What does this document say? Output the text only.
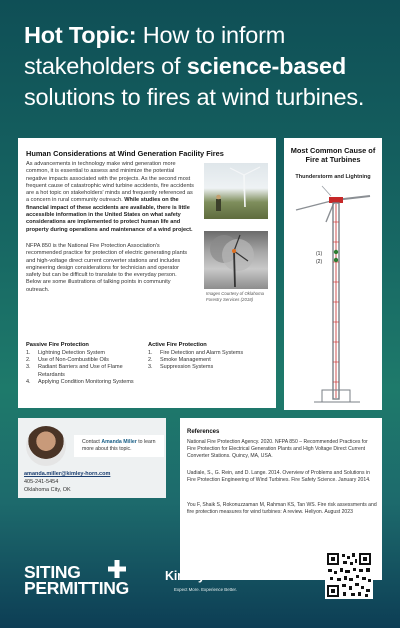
Hot Topic: How to inform stakeholders of science-based solutions to fires at wind turbines.
Human Considerations at Wind Generation Facility Fires
As advancements in technology make wind generation more common, it is essential to assess and minimize the potential negative impacts associated with the projects. As the second most frequent cause of catastrophic wind turbine accidents, fire accidents are a hot topic on stakeholders' minds and frequently referenced as a concern in rural community outreach. While studies on the financial impact of these accidents are available, there is little accessible information in the United States on what safety considerations are implemented to protect human life and property during operations and maintenance of a wind project.
NFPA 850 is the National Fire Protection Association's recommended practice for protection of electric generating plants and high-voltage direct current converter stations and includes engineering design considerations for technician and operator safety but can be difficult to translate to the everyday person. Below are some illustrations of talking points in community outreach.
Images Courtesy of Oklahoma Forestry Services (2018)
Passive Fire Protection
1.	Lightning Detection System
2.	Use of Non-Combustible Oils
3.	Radiant Barriers and Use of Flame Retardants
4.	Applying Condition Monitoring Systems
Active Fire Protection
1.	Fire Detection and Alarm Systems
2.	Smoke Management
3.	Suppression Systems
Most Common Cause of Fire at Turbines
Thunderstorm and Lightning
(1)
(2)
Contact Amanda Miller to learn more about this topic.
amanda.miller@kimley-horn.com
405-241-5454
Oklahoma City, OK
References
National Fire Protection Agency. 2020. NFPA 850 – Recommended Practices for Fire Protection for Electrical Generation Plants and High Voltage Direct Current Converter Stations. Quincy, MA, USA.
Uadiale, S., G. Rein, and D. Lange. 2014. Overview of Problems and Solutions in Fire Protection Engineering of Wind Turbines. Fire Safety Science. January 2014.
You F, Shaik S, Rokonuzzaman M, Rahman KS, Tan WS. Fire risk assessments and fire protection measures for wind turbines: A review. Heliyon. August 2023
SITING
PERMITTING
Kimley»Horn
Expect More. Experience Better.
Connect with Amanda on LinkedIn
